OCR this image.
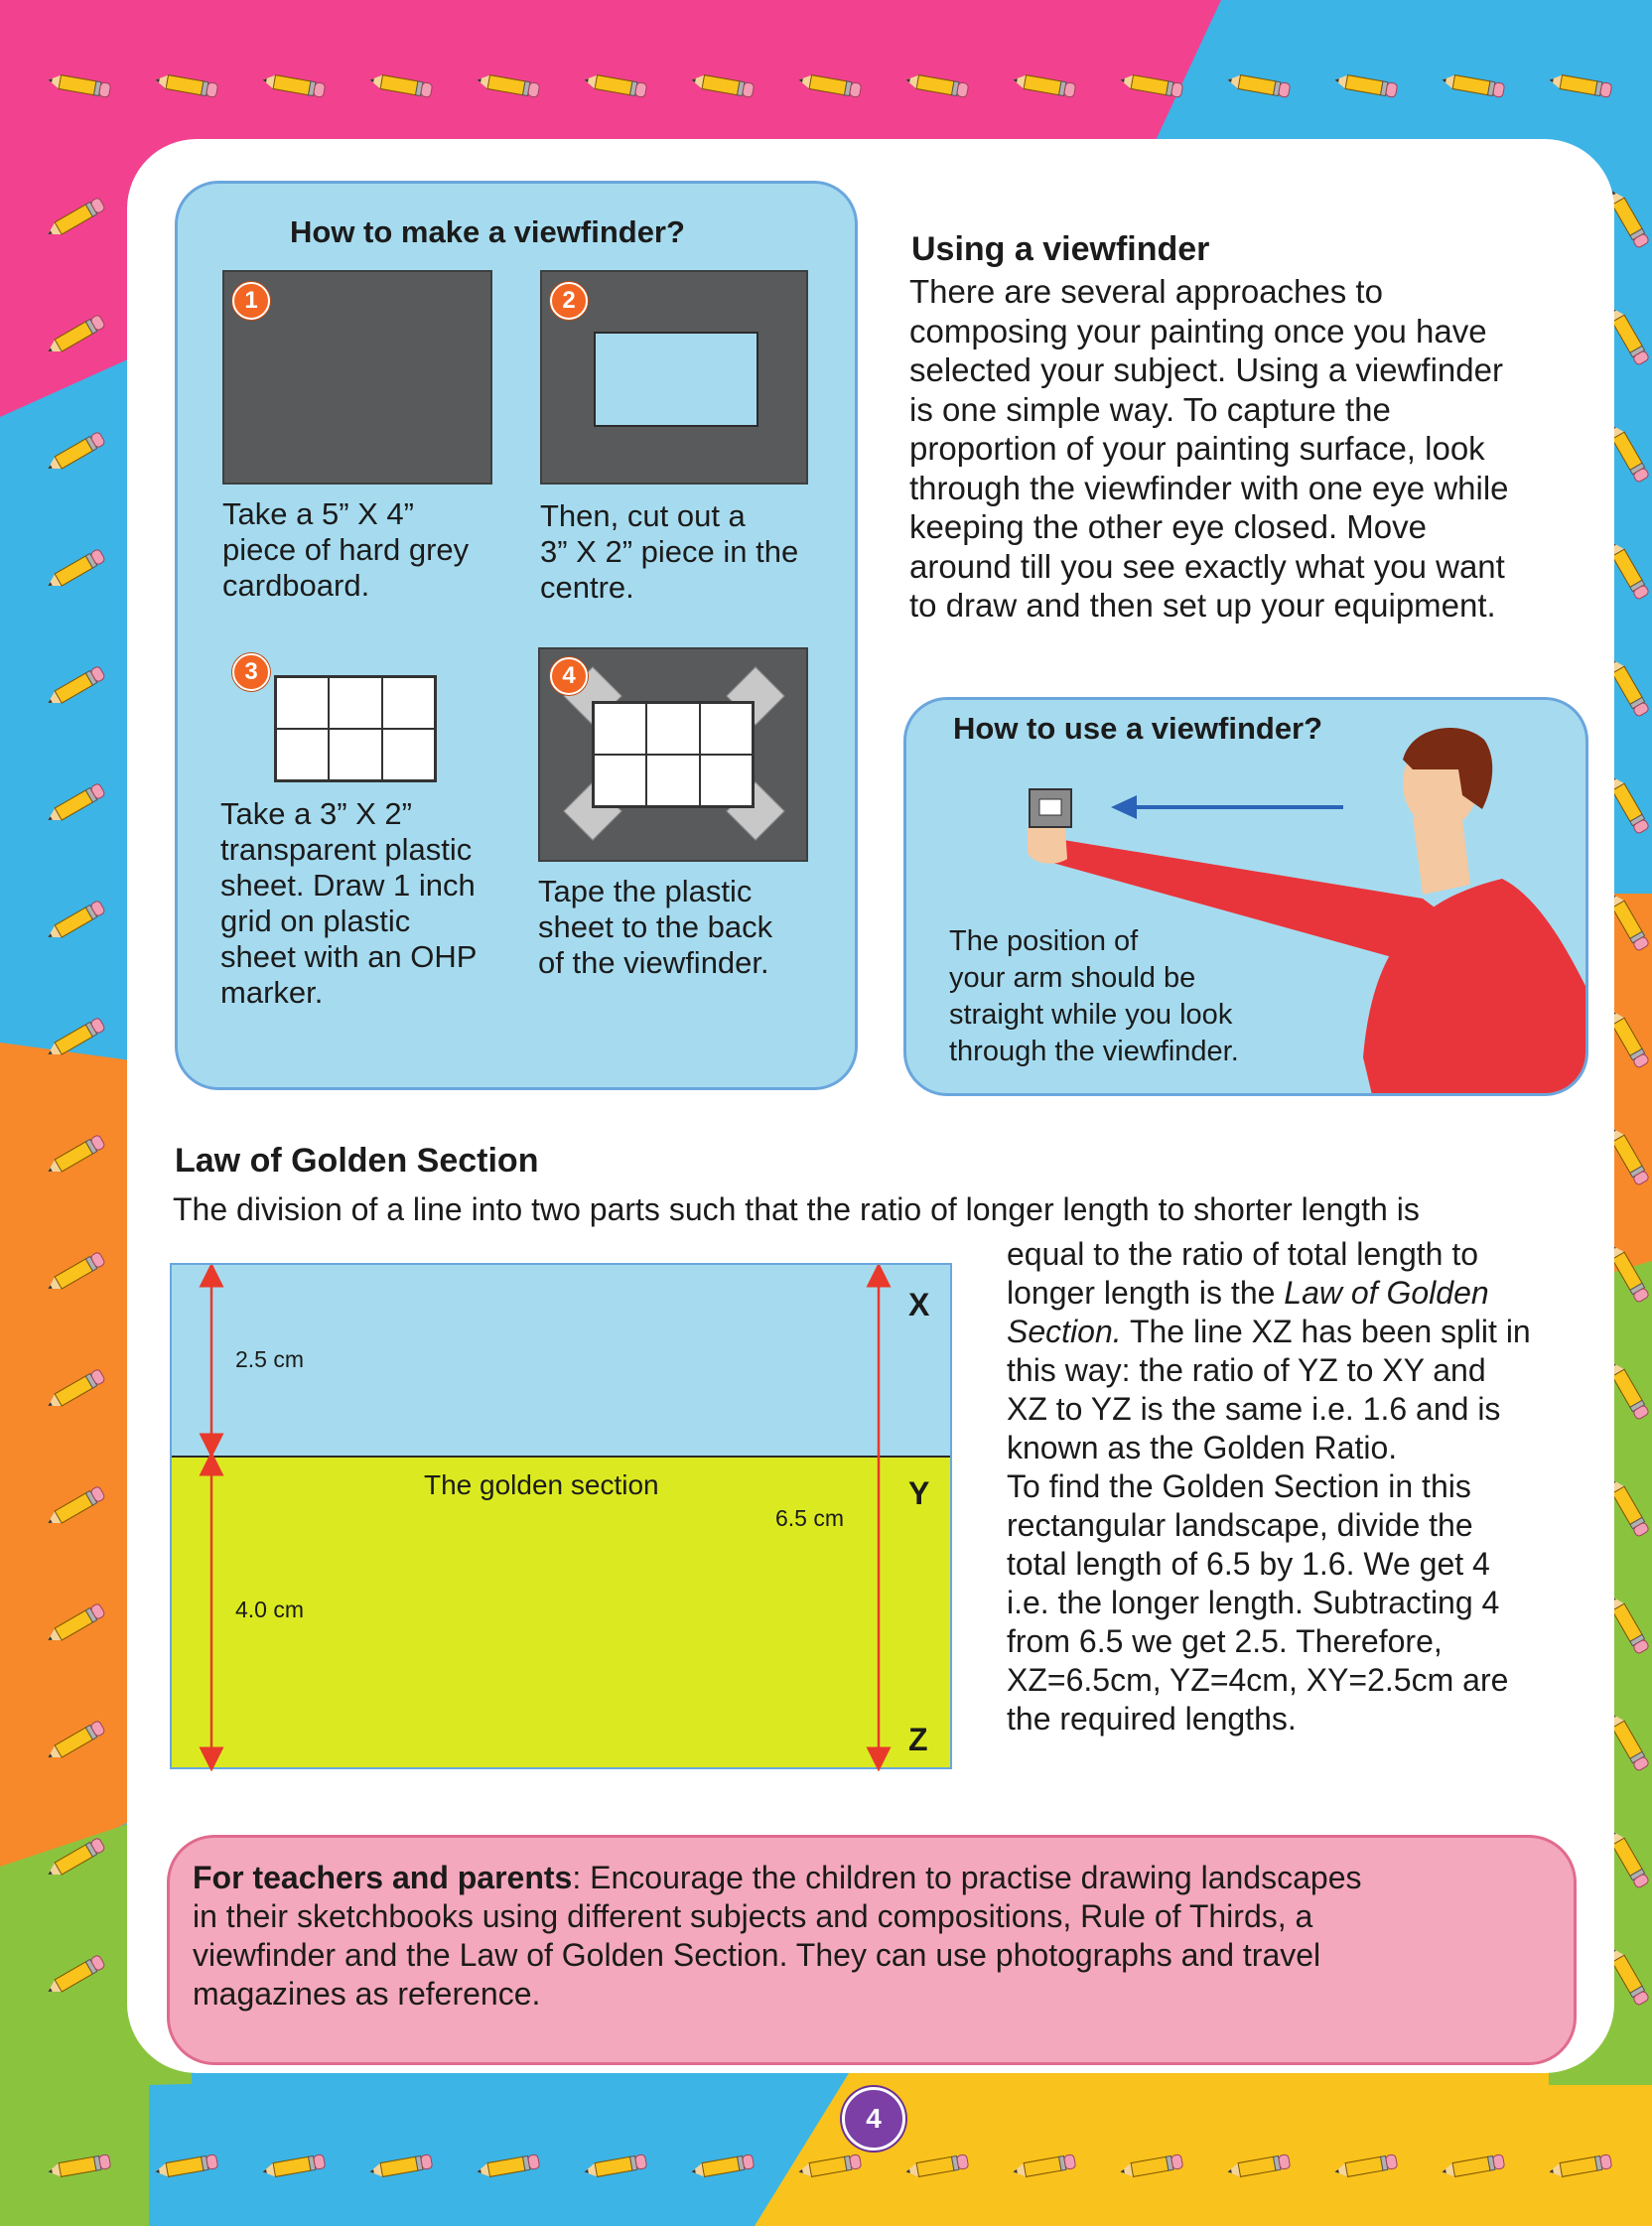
How to make a viewfinder?
1
Take a 5” X 4”
piece of hard grey
cardboard.
2
Then, cut out a
3” X 2” piece in the
centre.
3
Take a 3” X 2”
transparent plastic
sheet. Draw 1 inch
grid on plastic
sheet with an OHP
marker.
4
Tape the plastic
sheet to the back
of the viewfinder.
Using a viewfinder
There are several approaches to
composing your painting once you have
selected your subject. Using a viewfinder
is one simple way. To capture the
proportion of your painting surface, look
through the viewfinder with one eye while
keeping the other eye closed. Move
around till you see exactly what you want
to draw and then set up your equipment.
How to use a viewfinder?
The position of
your arm should be
straight while you look
through the viewfinder.
Law of Golden Section
The division of a line into two parts such that the ratio of longer length to shorter length is
2.5 cm
4.0 cm
6.5 cm
The golden section
X
Y
Z
equal to the ratio of total length to
longer length is the Law of Golden
Section. The line XZ has been split in
this way: the ratio of YZ to XY and
XZ to YZ is the same i.e. 1.6 and is
known as the Golden Ratio.
To find the Golden Section in this
rectangular landscape, divide the
total length of 6.5 by 1.6. We get 4
i.e. the longer length. Subtracting 4
from 6.5 we get 2.5. Therefore,
XZ=6.5cm, YZ=4cm, XY=2.5cm are
the required lengths.
For teachers and parents: Encourage the children to practise drawing landscapes
in their sketchbooks using different subjects and compositions, Rule of Thirds, a
viewfinder and the Law of Golden Section. They can use photographs and travel
magazines as reference.
4
